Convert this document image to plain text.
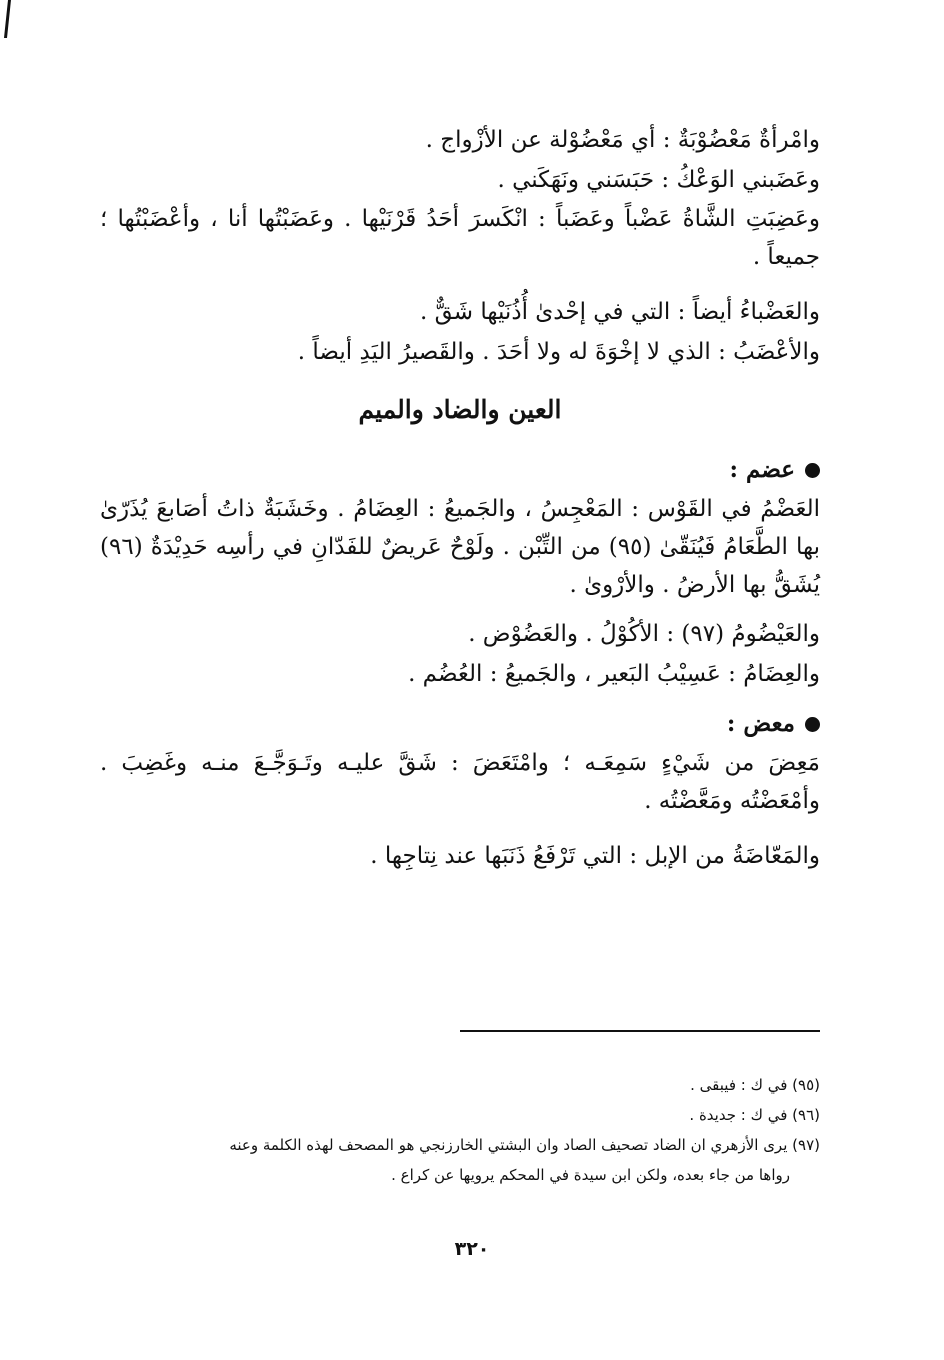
وامْرأةٌ مَعْضُوْبَةٌ : أي مَعْضُوْلة عن الأزْواج .
وعَضَبني الوَعْكُ : حَبَسَني ونَهَكَني .
وعَضِبَتِ الشَّاةُ عَضْباً وعَضَباً : انْكَسرَ أحَدُ قَرْنَيْها . وعَضَبْتُها أنا ، وأعْضَبْتُها ؛ جميعاً .
والعَضْباءُ أيضاً : التي في إحْدىٰ أُذُنَيْها شَقٌّ .
والأعْضَبُ : الذي لا إخْوَةَ له ولا أحَدَ . والقَصيرُ اليَدِ أيضاً .
العين والضاد والميم
عضم :
العَضْمُ في القَوْس : المَعْجِسُ ، والجَميعُ : العِضَامُ . وخَشَبَةٌ ذاتُ أصَابعَ يُذَرّىٰ بها الطَّعَامُ فَيُنَقّىٰ (٩٥) من التِّبْن . ولَوْحٌ عَريضٌ للفَدّانِ في رأسِه حَدِيْدَةٌ (٩٦) يُشَقُّ بها الأرضُ . والأرْوىٰ .
والعَيْضُومُ (٩٧) : الأكُوْلُ . والعَضُوْض .
والعِضَامُ : عَسِيْبُ البَعير ، والجَميعُ : العُضُم .
معض :
مَعِضَ من شَيْءٍ سَمِعَـه ؛ وامْتَعَضَ : شَقَّ عليـه وتَـوَجَّـعَ منـه وغَضِبَ . وأمْعَضْتُه ومَعَّضْتُه .
والمَعّاضَةُ من الإبل : التي تَرْفَعُ ذَنَبَها عند نِتاجِها .
(٩٥) في ك : فيبقى .
(٩٦) في ك : جديدة .
(٩٧) يرى الأزهري ان الضاد تصحيف الصاد وان البشتي الخارزنجي هو المصحف لهذه الكلمة وعنه
رواها من جاء بعده، ولكن ابن سيدة في المحكم يرويها عن كراع .
٣٢٠
